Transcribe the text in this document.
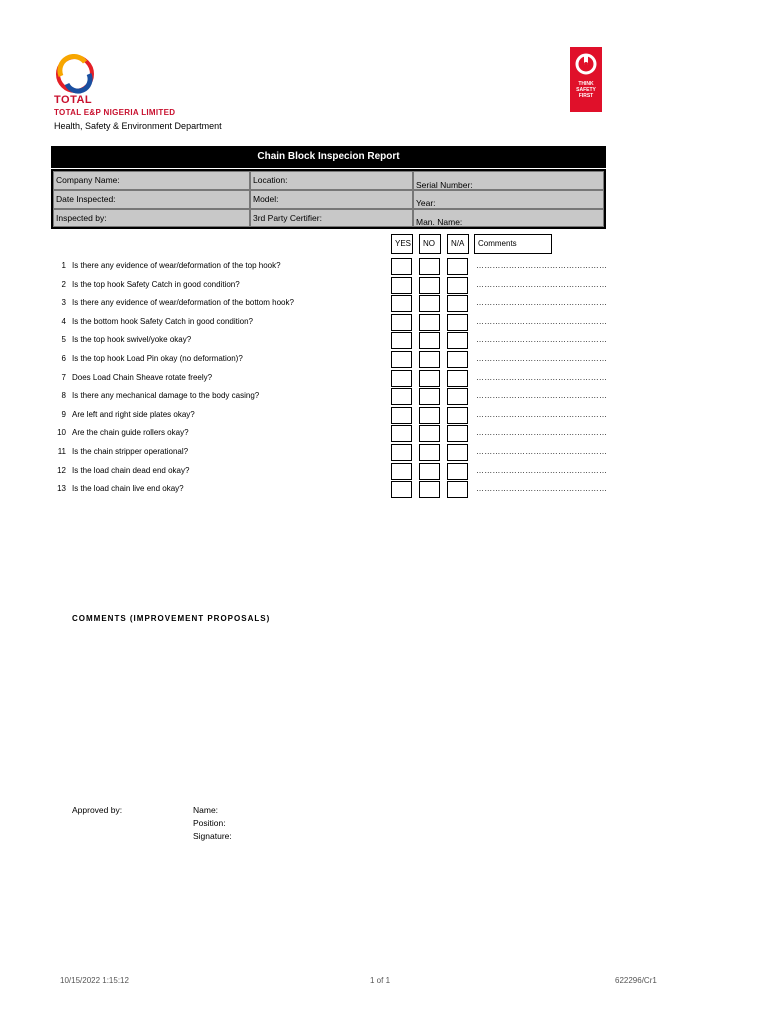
TOTAL
TOTAL E&P NIGERIA LIMITED
Health, Safety & Environment Department
THINK
SAFETY
FIRST
Chain Block Inspecion Report
Company Name:	Location:	Serial Number:
Date Inspected:	Model:	Year:
Inspected by:	3rd Party Certifier:	Man. Name:
YES	NO	N/A	Comments
1 Is there any evidence of wear/deformation of the top hook?	…………………………………………
2 Is the top hook Safety Catch in good condition?	…………………………………………
3 Is there any evidence of wear/deformation of the bottom hook?	…………………………………………
4 Is the bottom hook Safety Catch in good condition?	…………………………………………
5 Is the top hook swivel/yoke okay?	…………………………………………
6 Is the top hook Load Pin okay (no deformation)?	…………………………………………
7 Does Load Chain Sheave rotate freely?	…………………………………………
8 Is there any mechanical damage to the body casing?	…………………………………………
9 Are left and right side plates okay?	…………………………………………
10 Are the chain guide rollers okay?	…………………………………………
11 Is the chain stripper operational?	…………………………………………
12 Is the load chain dead end okay?	…………………………………………
13 Is the load chain live end okay?	…………………………………………
COMMENTS (IMPROVEMENT PROPOSALS)
Approved by:	Name:
Position:
Signature:
10/15/2022 1:15:12	1 of 1	622296/Cr1
